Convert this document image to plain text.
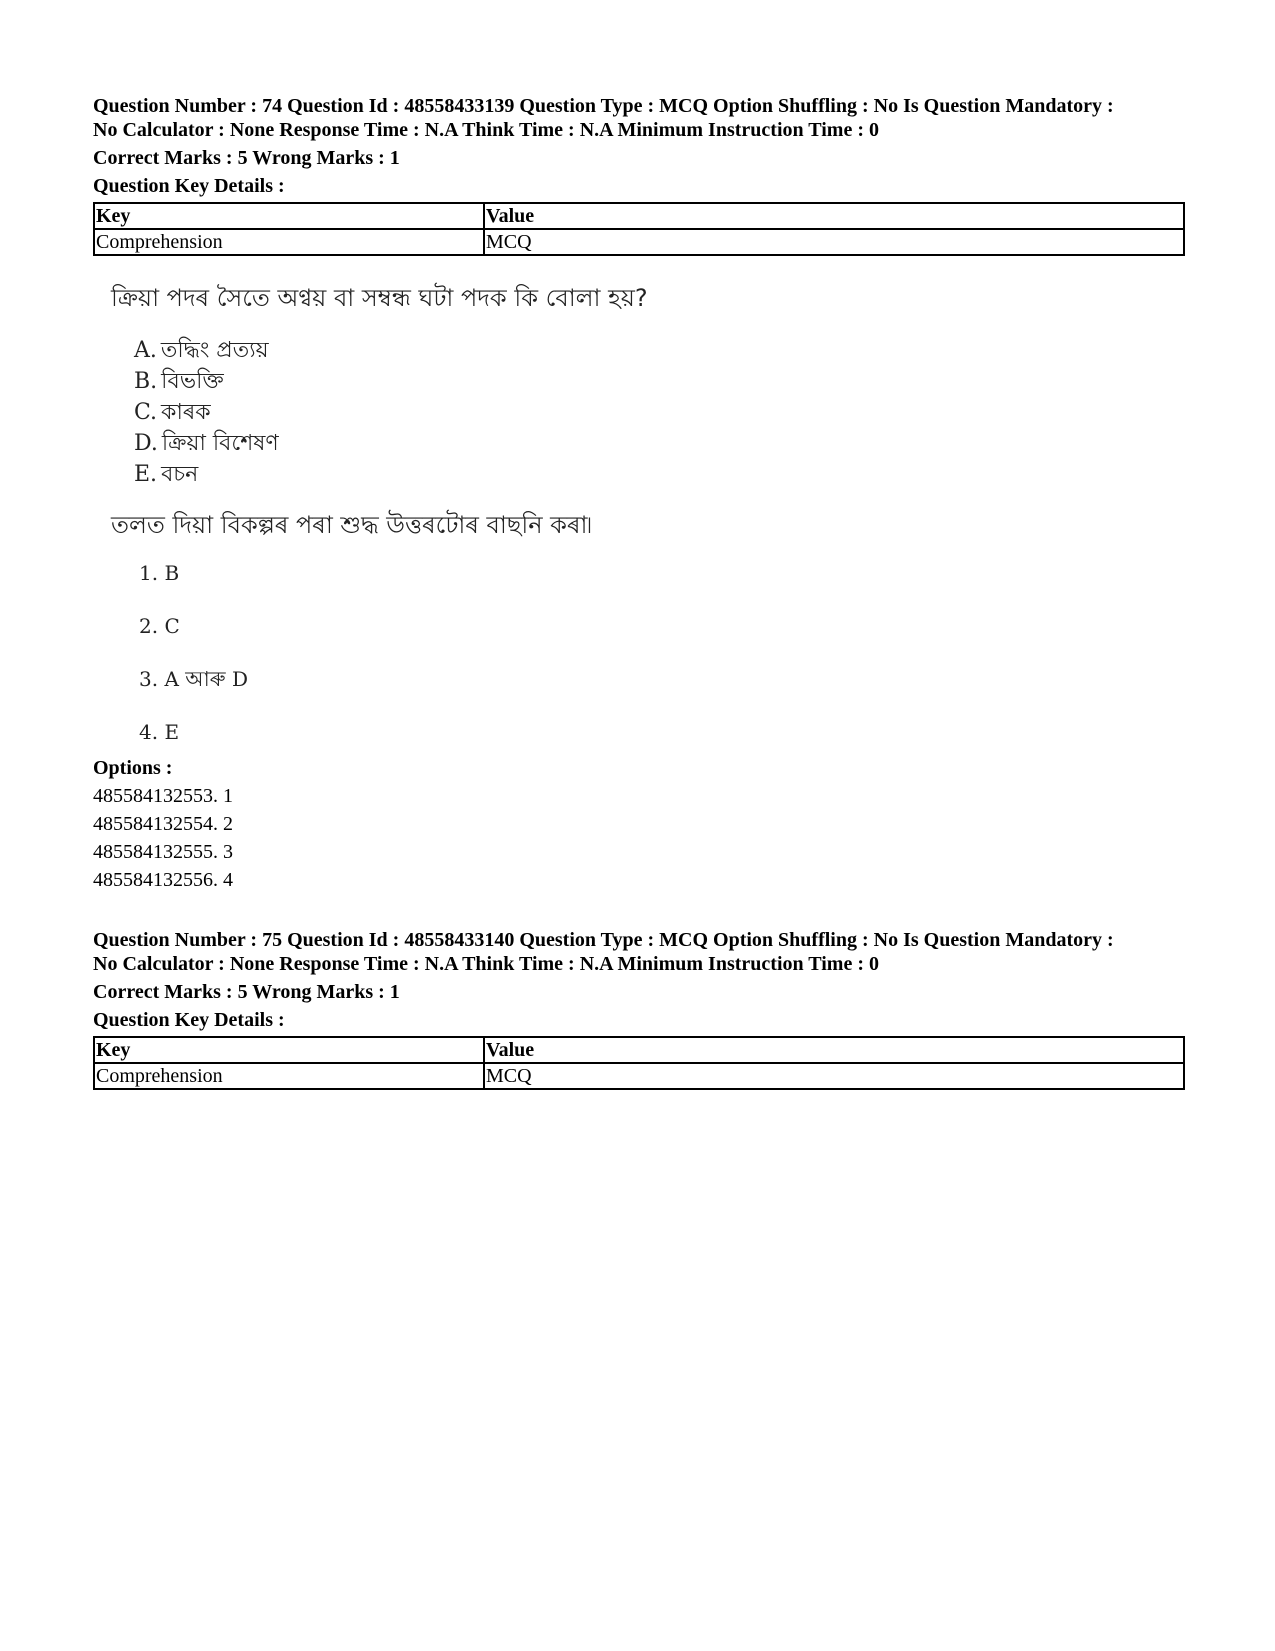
Question Number : 74 Question Id : 48558433139 Question Type : MCQ Option Shuffling : No Is Question Mandatory :
No Calculator : None Response Time : N.A Think Time : N.A Minimum Instruction Time : 0
Correct Marks : 5 Wrong Marks : 1
Question Key Details :
Key	Value
Comprehension	MCQ
ক্ৰিয়া পদৰ সৈতে অণ্বয় বা সম্বন্ধ ঘটা পদক কি বোলা হয়?
A. তদ্ধিং প্ৰত্যয়
B. বিভক্তি
C. কাৰক
D. ক্ৰিয়া বিশেষণ
E. বচন
তলত দিয়া বিকল্পৰ পৰা শুদ্ধ উত্তৰটোৰ বাছনি কৰা৷
1. B
2. C
3. A আৰু D
4. E
Options :
485584132553. 1
485584132554. 2
485584132555. 3
485584132556. 4
Question Number : 75 Question Id : 48558433140 Question Type : MCQ Option Shuffling : No Is Question Mandatory :
No Calculator : None Response Time : N.A Think Time : N.A Minimum Instruction Time : 0
Correct Marks : 5 Wrong Marks : 1
Question Key Details :
Key	Value
Comprehension	MCQ
